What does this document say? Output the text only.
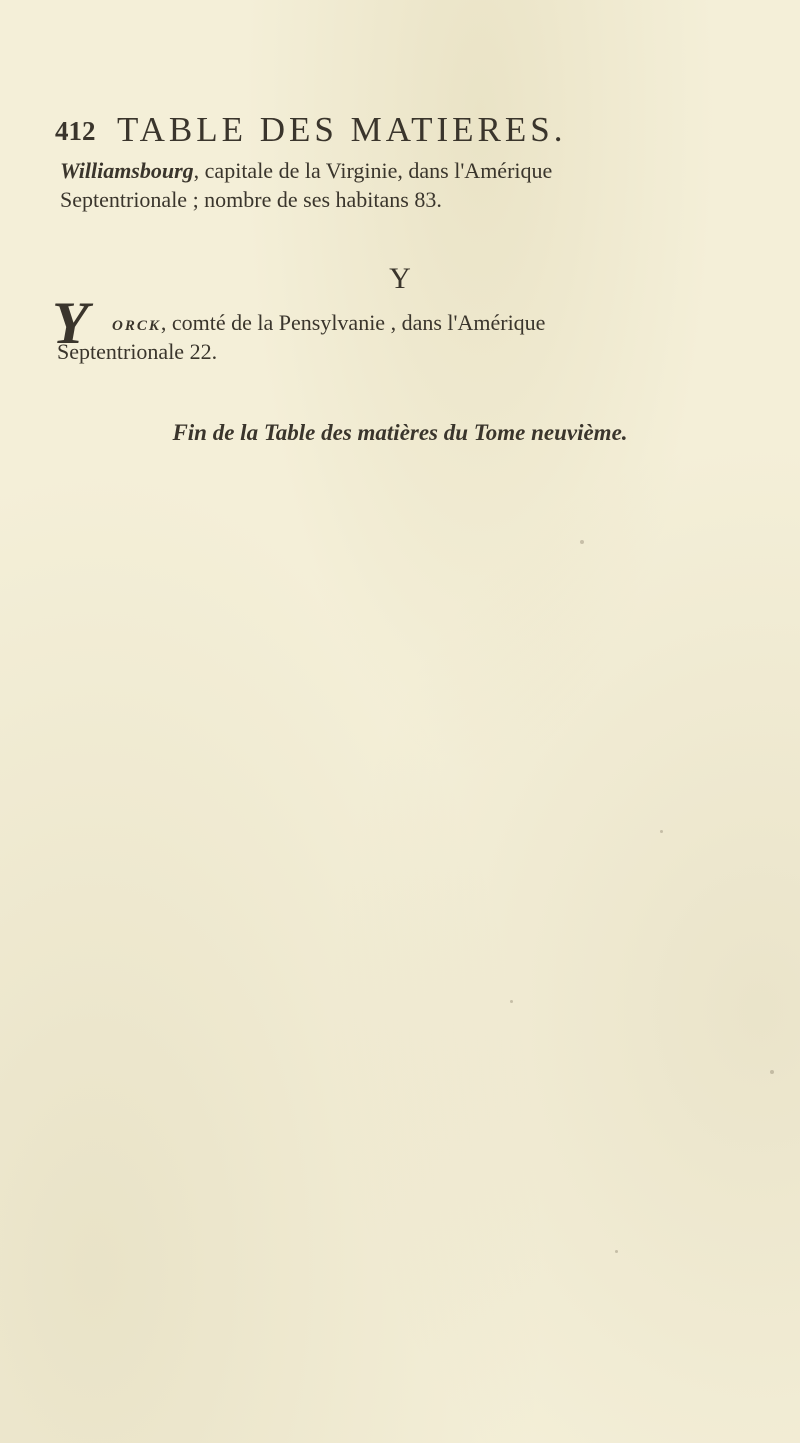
412 TABLE DES MATIERES.
Williamsbourg, capitale de la Virginie, dans l'Amérique
Septentrionale ; nombre de ses habitans 83.
Y
Y ORCK, comté de la Pensylvanie , dans l'Amérique
Septentrionale 22.
Fin de la Table des matières du Tome neuvième.
